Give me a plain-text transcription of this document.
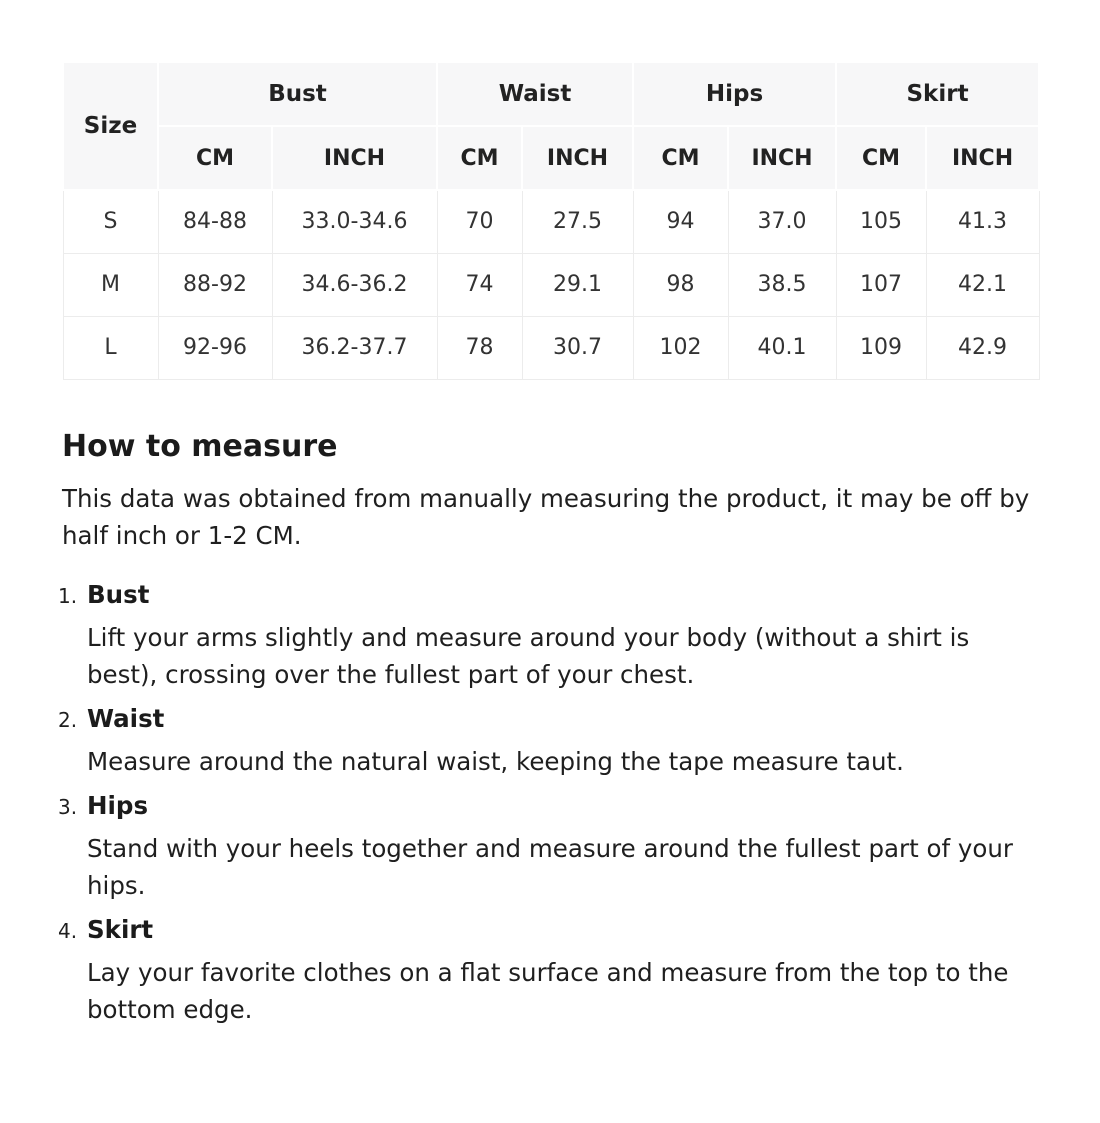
Size	Bust		Waist		Hips		Skirt	
	CM	INCH	CM	INCH	CM	INCH	CM	INCH
S	84-88	33.0-34.6	70	27.5	94	37.0	105	41.3
M	88-92	34.6-36.2	74	29.1	98	38.5	107	42.1
L	92-96	36.2-37.7	78	30.7	102	40.1	109	42.9
How to measure

This data was obtained from manually measuring the product, it may be off by half inch or 1-2 CM.

1. Bust

Lift your arms slightly and measure around your body (without a shirt is best), crossing over the fullest part of your chest.

2. Waist

Measure around the natural waist, keeping the tape measure taut.

3. Hips

Stand with your heels together and measure around the fullest part of your hips.

4. Skirt

Lay your favorite clothes on a flat surface and measure from the top to the bottom edge.
